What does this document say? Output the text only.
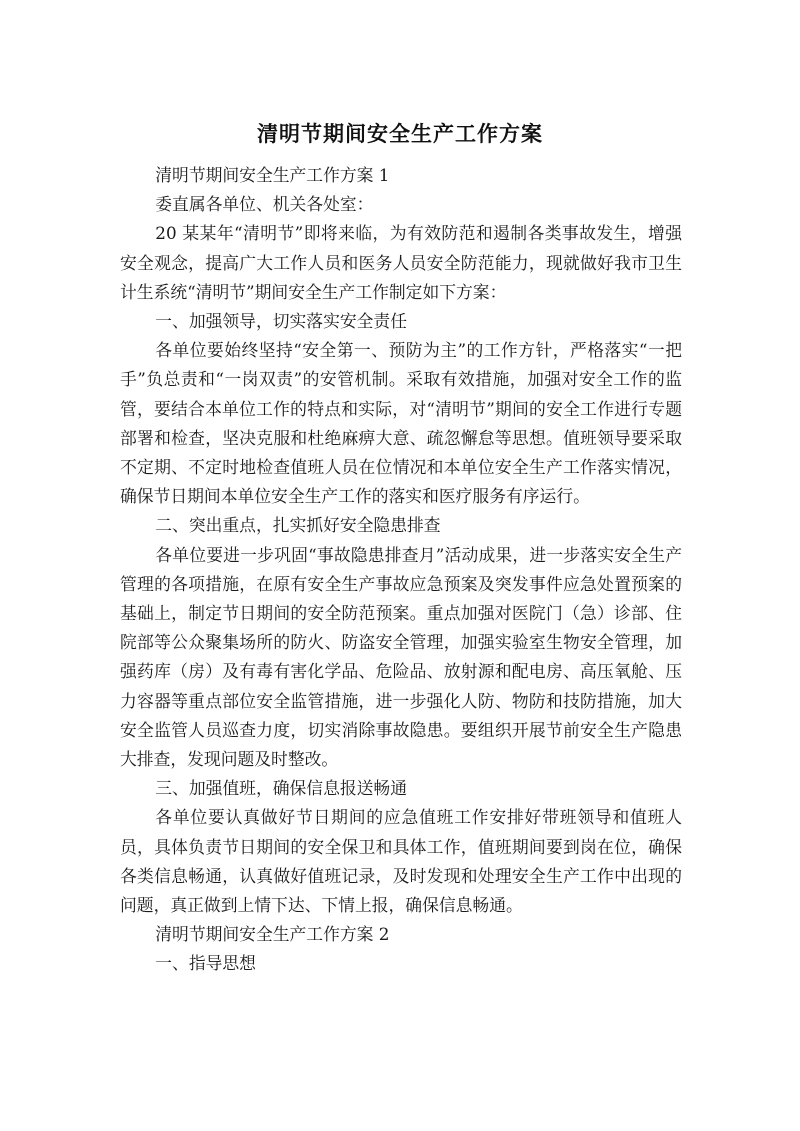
清明节期间安全生产工作方案

清明节期间安全生产工作方案 1

委直属各单位、机关各处室：

20 某某年“清明节”即将来临，为有效防范和遏制各类事故发生，增强安全观念，提高广大工作人员和医务人员安全防范能力，现就做好我市卫生计生系统“清明节”期间安全生产工作制定如下方案：

一、加强领导，切实落实安全责任

各单位要始终坚持“安全第一、预防为主”的工作方针，严格落实“一把手”负总责和“一岗双责”的安管机制。采取有效措施，加强对安全工作的监管，要结合本单位工作的特点和实际，对“清明节”期间的安全工作进行专题部署和检查，坚决克服和杜绝麻痹大意、疏忽懈怠等思想。值班领导要采取不定期、不定时地检查值班人员在位情况和本单位安全生产工作落实情况，确保节日期间本单位安全生产工作的落实和医疗服务有序运行。

二、突出重点，扎实抓好安全隐患排查

各单位要进一步巩固“事故隐患排查月”活动成果，进一步落实安全生产管理的各项措施，在原有安全生产事故应急预案及突发事件应急处置预案的基础上，制定节日期间的安全防范预案。重点加强对医院门（急）诊部、住院部等公众聚集场所的防火、防盗安全管理，加强实验室生物安全管理，加强药库（房）及有毒有害化学品、危险品、放射源和配电房、高压氧舱、压力容器等重点部位安全监管措施，进一步强化人防、物防和技防措施，加大安全监管人员巡查力度，切实消除事故隐患。要组织开展节前安全生产隐患大排查，发现问题及时整改。

三、加强值班，确保信息报送畅通

各单位要认真做好节日期间的应急值班工作安排好带班领导和值班人员，具体负责节日期间的安全保卫和具体工作，值班期间要到岗在位，确保各类信息畅通，认真做好值班记录，及时发现和处理安全生产工作中出现的问题，真正做到上情下达、下情上报，确保信息畅通。

清明节期间安全生产工作方案 2

一、指导思想
